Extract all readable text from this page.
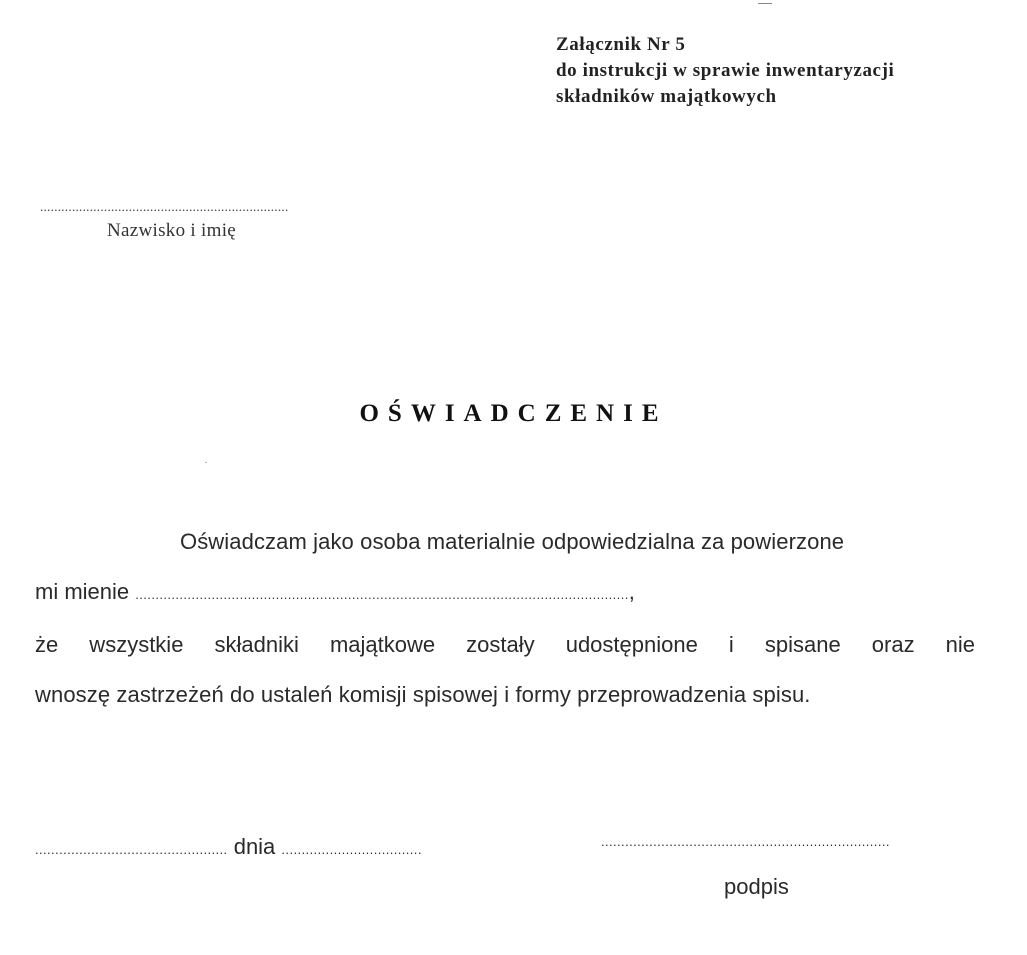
Załącznik Nr 5
do instrukcji w sprawie inwentaryzacji
składników majątkowych
......................................................................
Nazwisko i imię
OŚWIADCZENIE
Oświadczam jako osoba materialnie odpowiedzialna za powierzone
mi mienie ...........................................................................................................................,
że wszystkie składniki majątkowe zostały udostępnione i spisane oraz nie
wnoszę zastrzeżeń do ustaleń komisji spisowej i formy przeprowadzenia spisu.
................................................ dnia ...................................
........................................................................
podpis
